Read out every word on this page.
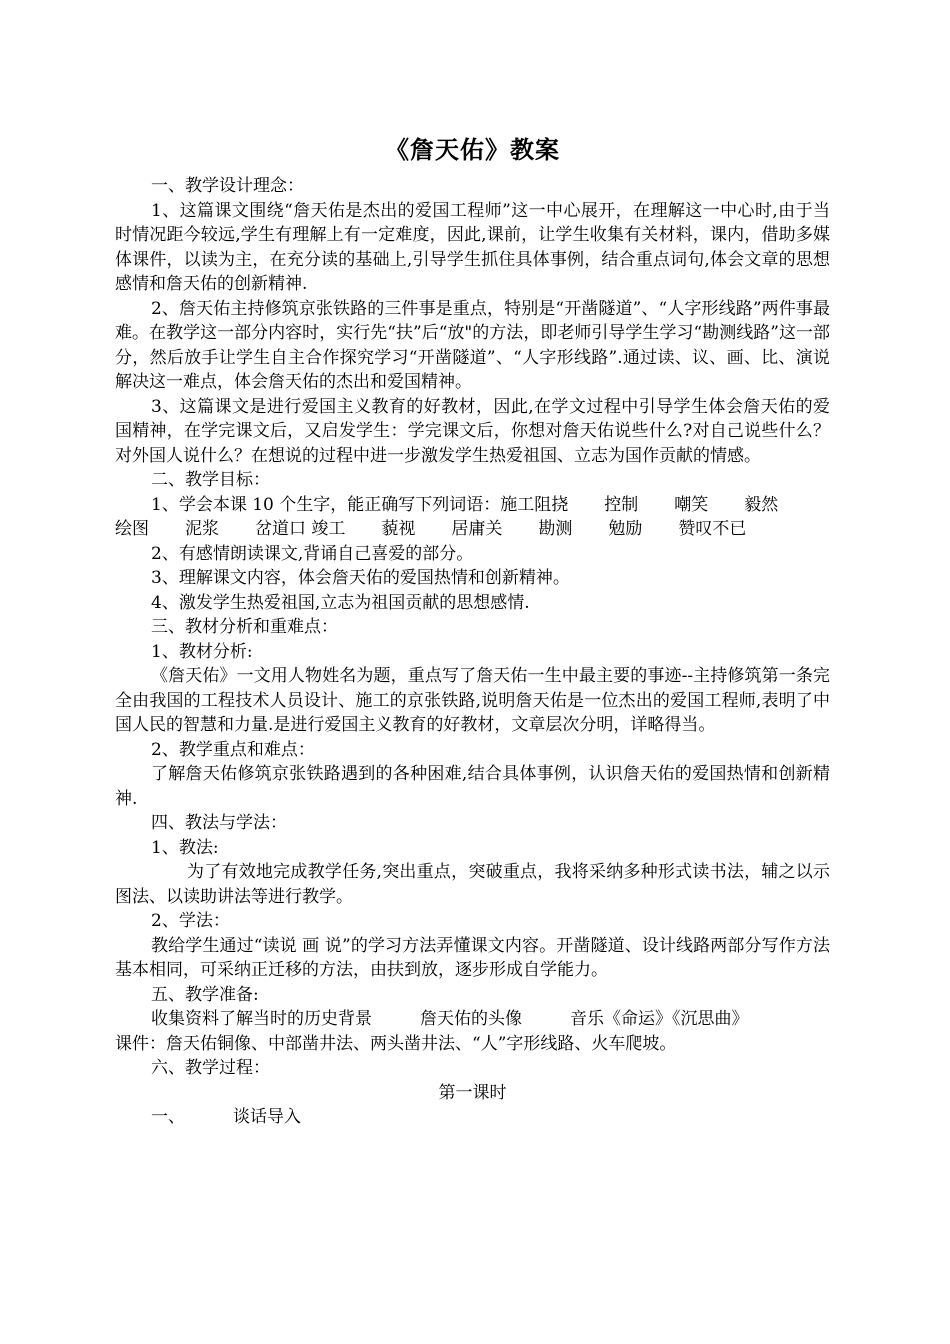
《詹天佑》教案

一、教学设计理念：

1、这篇课文围绕“詹天佑是杰出的爱国工程师”这一中心展开，在理解这一中心时,由于当时情况距今较远,学生有理解上有一定难度，因此,课前，让学生收集有关材料，课内，借助多媒体课件，以读为主，在充分读的基础上,引导学生抓住具体事例，结合重点词句,体会文章的思想感情和詹天佑的创新精神.

2、詹天佑主持修筑京张铁路的三件事是重点，特别是“开凿隧道”、“人字形线路”两件事最难。在教学这一部分内容时，实行先“扶”后“放"的方法，即老师引导学生学习“勘测线路”这一部分，然后放手让学生自主合作探究学习“开凿隧道”、“人字形线路”.通过读、议、画、比、演说解决这一难点，体会詹天佑的杰出和爱国精神。

3、这篇课文是进行爱国主义教育的好教材，因此,在学文过程中引导学生体会詹天佑的爱国精神，在学完课文后，又启发学生：学完课文后，你想对詹天佑说些什么?对自己说些什么？对外国人说什么？在想说的过程中进一步激发学生热爱祖国、立志为国作贡献的情感。

二、教学目标：

1、学会本课 10 个生字，能正确写下列词语：施工阻挠 控制 嘲笑 毅然

绘图 泥浆 岔道口 竣工 藐视 居庸关 勘测 勉励 赞叹不已

2、有感情朗读课文,背诵自己喜爱的部分。

3、理解课文内容，体会詹天佑的爱国热情和创新精神。

4、激发学生热爱祖国,立志为祖国贡献的思想感情.

三、教材分析和重难点：

1、教材分析:

《詹天佑》一文用人物姓名为题，重点写了詹天佑一生中最主要的事迹--主持修筑第一条完全由我国的工程技术人员设计、施工的京张铁路,说明詹天佑是一位杰出的爱国工程师,表明了中国人民的智慧和力量.是进行爱国主义教育的好教材，文章层次分明，详略得当。

2、教学重点和难点：

了解詹天佑修筑京张铁路遇到的各种困难,结合具体事例，认识詹天佑的爱国热情和创新精神.

四、教法与学法：

1、教法:

为了有效地完成教学任务,突出重点，突破重点，我将采纳多种形式读书法，辅之以示图法、以读助讲法等进行教学。

2、学法：

教给学生通过“读说 画 说”的学习方法弄懂课文内容。开凿隧道、设计线路两部分写作方法基本相同，可采纳正迁移的方法，由扶到放，逐步形成自学能力。

五、教学准备:

收集资料了解当时的历史背景	詹天佑的头像	音乐《命运》《沉思曲》

课件：詹天佑铜像、中部凿井法、两头凿井法、“人”字形线路、火车爬坡。

六、教学过程：

第一课时

一、	谈话导入
